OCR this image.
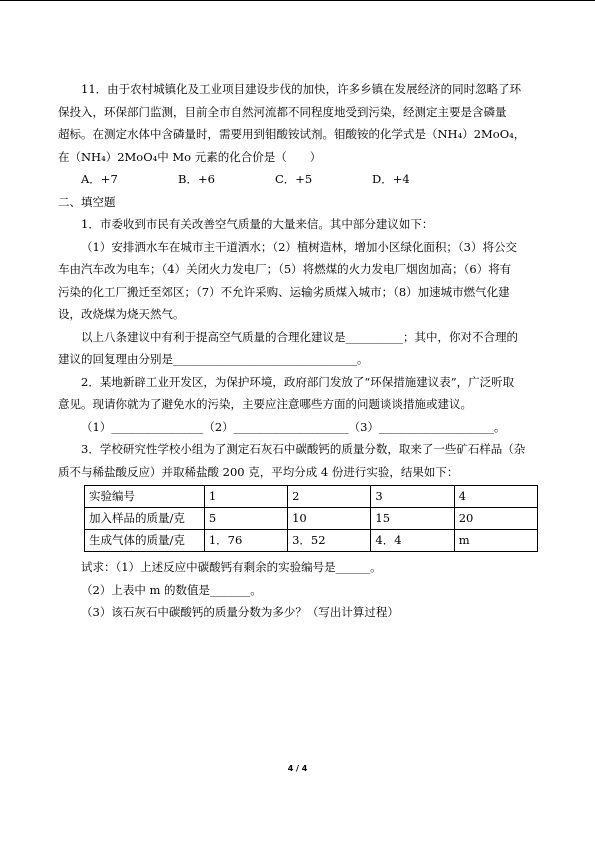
11．由于农村城镇化及工业项目建设步伐的加快，许多乡镇在发展经济的同时忽略了环

保投入，环保部门监测，目前全市自然河流都不同程度地受到污染，经测定主要是含磷量

超标。在测定水体中含磷量时，需要用到钼酸铵试剂。钼酸铵的化学式是（NH₄）2MoO₄，

在（NH₄）2MoO₄中 Mo 元素的化合价是（　　）

A．+7	B．+6	C．+5	D．+4

二、填空题

1．市委收到市民有关改善空气质量的大量来信。其中部分建议如下：

（1）安排洒水车在城市主干道洒水；（2）植树造林，增加小区绿化面积；（3）将公交

车由汽车改为电车；（4）关闭火力发电厂；（5）将燃煤的火力发电厂烟囱加高；（6）将有

污染的化工厂搬迁至郊区；（7）不允许采购、运输劣质煤入城市；（8）加速城市燃气化建

设，改烧煤为烧天然气。

以上八条建议中有利于提高空气质量的合理化建议是__________；其中，你对不合理的

建议的回复理由分别是________________________________。

2．某地新辟工业开发区，为保护环境，政府部门发放了“环保措施建议表”，广泛听取

意见。现请你就为了避免水的污染，主要应注意哪些方面的问题谈谈措施或建议。

（1）________________（2）____________________（3）____________________。

3．学校研究性学校小组为了测定石灰石中碳酸钙的质量分数，取来了一些矿石样品（杂

质不与稀盐酸反应）并取稀盐酸 200 克，平均分成 4 份进行实验，结果如下：

实验编号	1	2	3	4
加入样品的质量/克	5	10	15	20
生成气体的质量/克	1．76	3．52	4．4	m

试求：（1）上述反应中碳酸钙有剩余的实验编号是______。

（2）上表中 m 的数值是_______。

（3）该石灰石中碳酸钙的质量分数为多少？（写出计算过程）

4 / 4
